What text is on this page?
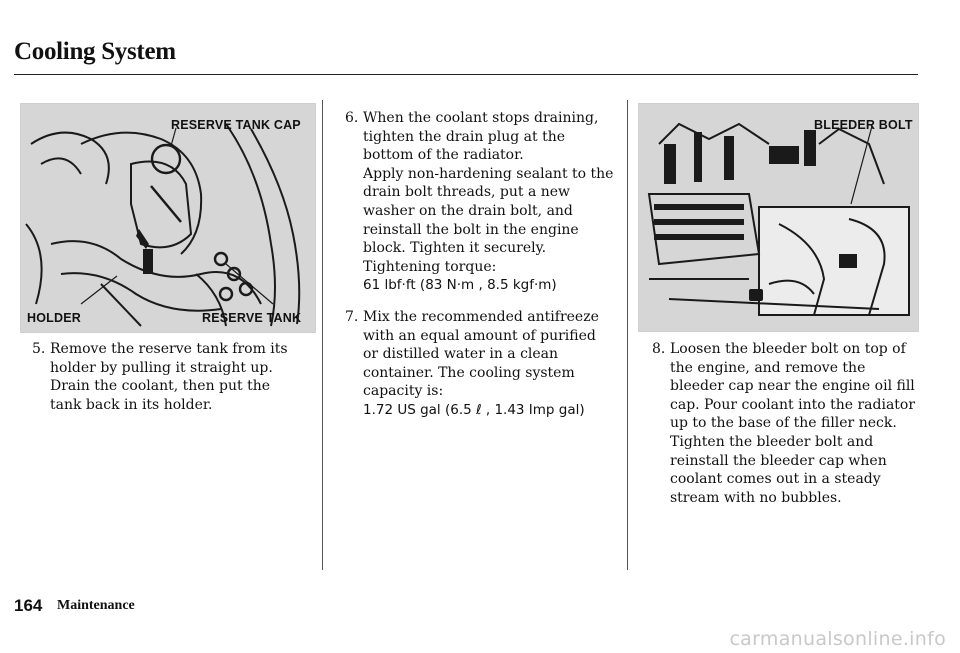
Cooling System
RESERVE TANK CAP
HOLDER	RESERVE TANK
BLEEDER BOLT
5. Remove the reserve tank from its
holder by pulling it straight up.
Drain the coolant, then put the
tank back in its holder.
6. When the coolant stops draining,
tighten the drain plug at the
bottom of the radiator.
Apply non-hardening sealant to the
drain bolt threads, put a new
washer on the drain bolt, and
reinstall the bolt in the engine
block. Tighten it securely.
Tightening torque:
61 lbf·ft (83 N·m , 8.5 kgf·m)
7. Mix the recommended antifreeze
with an equal amount of purified
or distilled water in a clean
container. The cooling system
capacity is:
1.72 US gal (6.5 ℓ , 1.43 Imp gal)
8. Loosen the bleeder bolt on top of
the engine, and remove the
bleeder cap near the engine oil fill
cap. Pour coolant into the radiator
up to the base of the filler neck.
Tighten the bleeder bolt and
reinstall the bleeder cap when
coolant comes out in a steady
stream with no bubbles.
164 Maintenance
carmanualsonline.info
